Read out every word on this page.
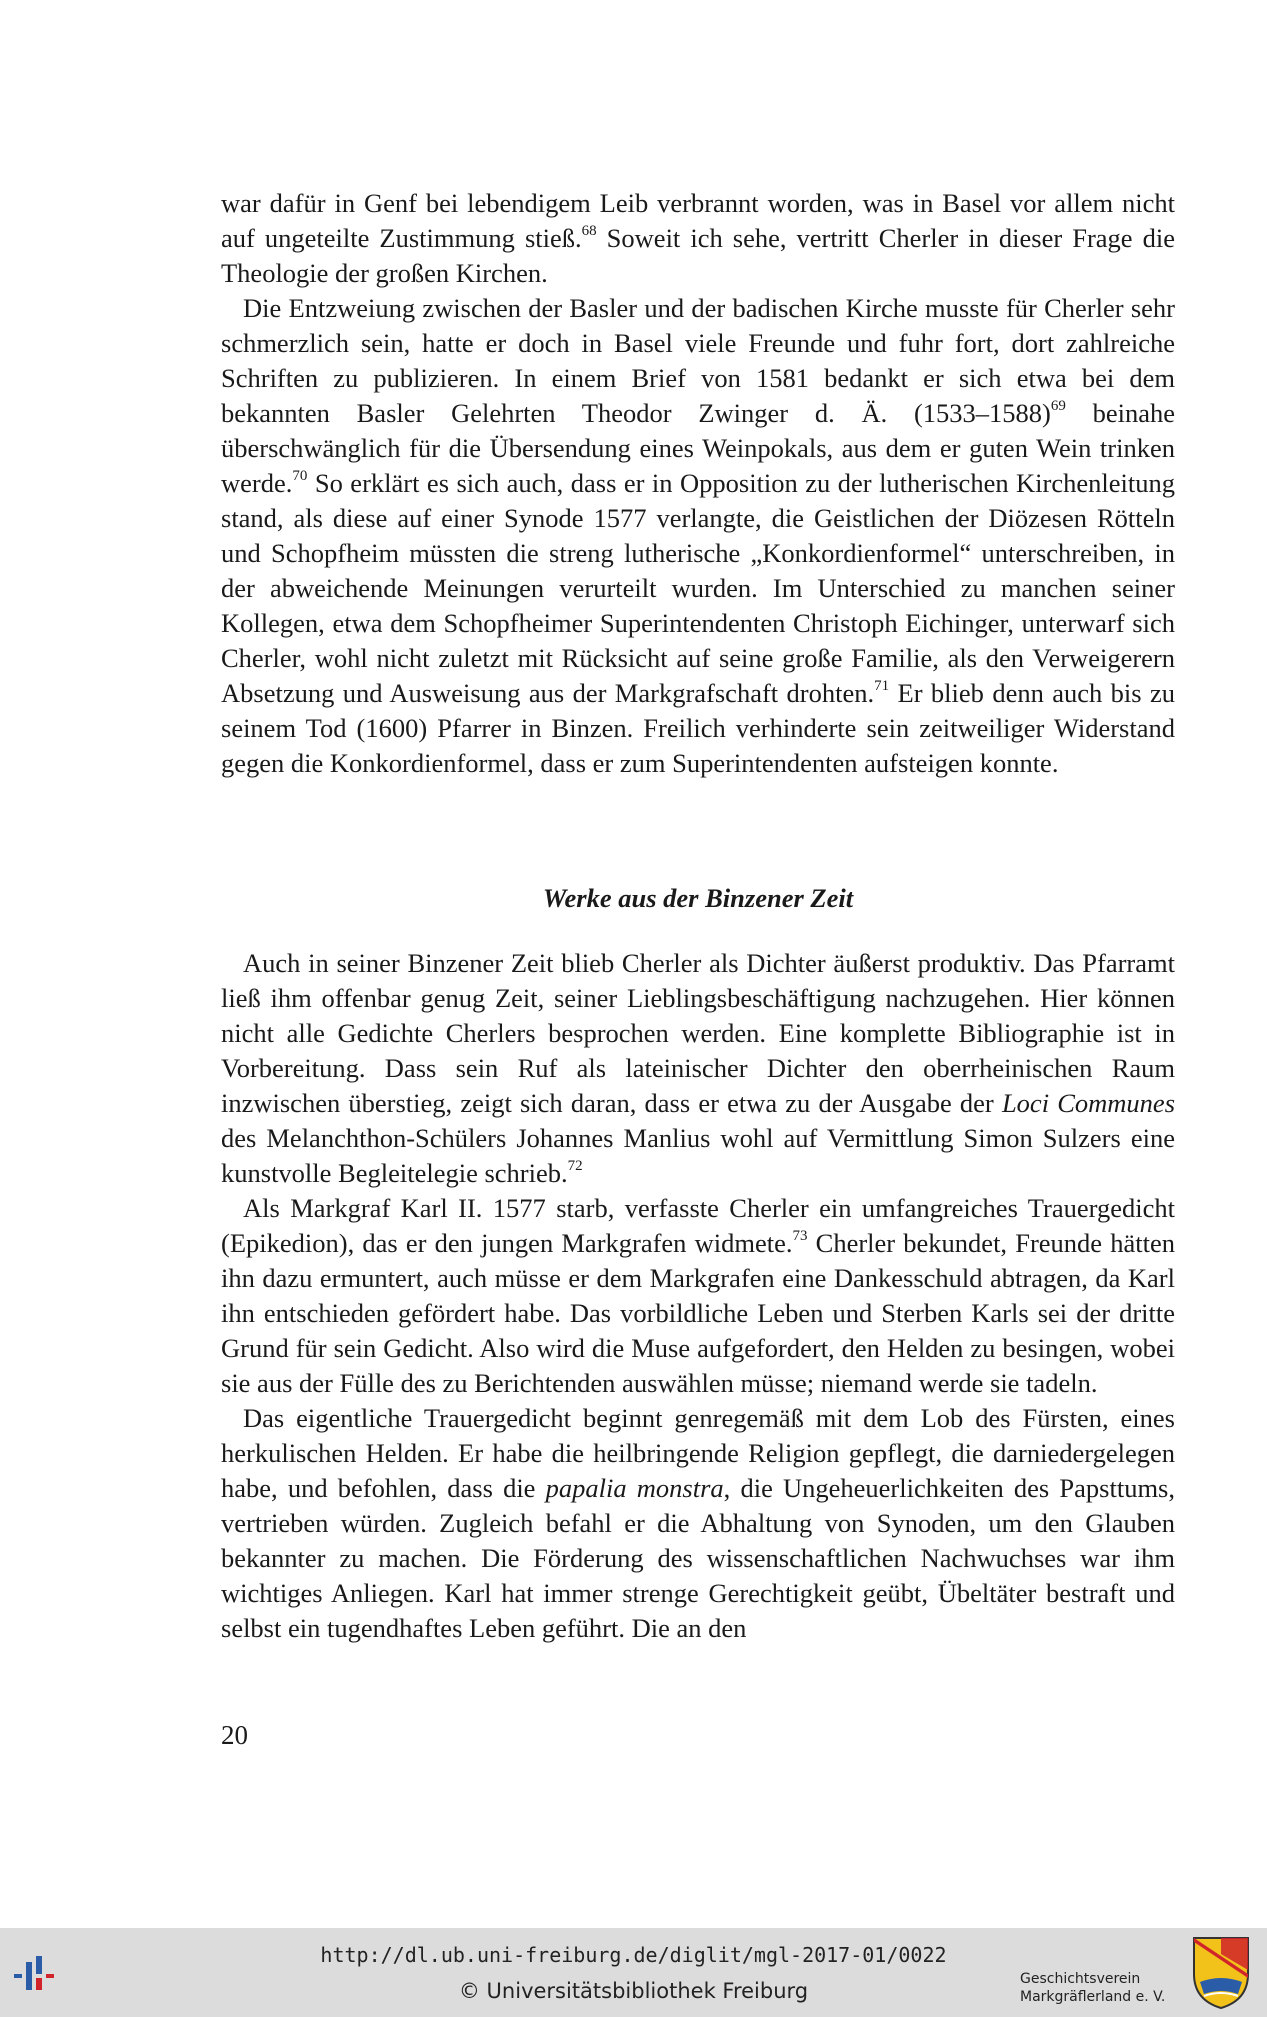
war dafür in Genf bei lebendigem Leib verbrannt worden, was in Basel vor allem nicht auf ungeteilte Zustimmung stieß.$^{68}$ Soweit ich sehe, vertritt Cherler in dieser Frage die Theologie der großen Kirchen.

Die Entzweiung zwischen der Basler und der badischen Kirche musste für Cherler sehr schmerzlich sein, hatte er doch in Basel viele Freunde und fuhr fort, dort zahlreiche Schriften zu publizieren. In einem Brief von 1581 bedankt er sich etwa bei dem bekannten Basler Gelehrten Theodor Zwinger d. Ä. (1533–1588)$^{69}$ beinahe überschwänglich für die Übersendung eines Weinpokals, aus dem er guten Wein trinken werde.$^{70}$ So erklärt es sich auch, dass er in Opposition zu der lutherischen Kirchenleitung stand, als diese auf einer Synode 1577 verlangte, die Geistlichen der Diözesen Rötteln und Schopfheim müssten die streng lutherische „Konkordienformel“ unterschreiben, in der abweichende Meinungen verurteilt wurden. Im Unterschied zu manchen seiner Kollegen, etwa dem Schopfheimer Superintendenten Christoph Eichinger, unterwarf sich Cherler, wohl nicht zuletzt mit Rücksicht auf seine große Familie, als den Verweigerern Absetzung und Ausweisung aus der Markgrafschaft drohten.$^{71}$ Er blieb denn auch bis zu seinem Tod (1600) Pfarrer in Binzen. Freilich verhinderte sein zeitweiliger Widerstand gegen die Konkordienformel, dass er zum Superintendenten aufsteigen konnte.

Werke aus der Binzener Zeit

Auch in seiner Binzener Zeit blieb Cherler als Dichter äußerst produktiv. Das Pfarramt ließ ihm offenbar genug Zeit, seiner Lieblingsbeschäftigung nachzugehen. Hier können nicht alle Gedichte Cherlers besprochen werden. Eine komplette Bibliographie ist in Vorbereitung. Dass sein Ruf als lateinischer Dichter den oberrheinischen Raum inzwischen überstieg, zeigt sich daran, dass er etwa zu der Ausgabe der Loci Communes des Melanchthon-Schülers Johannes Manlius wohl auf Vermittlung Simon Sulzers eine kunstvolle Begleitelegie schrieb.$^{72}$

Als Markgraf Karl II. 1577 starb, verfasste Cherler ein umfangreiches Trauergedicht (Epikedion), das er den jungen Markgrafen widmete.$^{73}$ Cherler bekundet, Freunde hätten ihn dazu ermuntert, auch müsse er dem Markgrafen eine Dankesschuld abtragen, da Karl ihn entschieden gefördert habe. Das vorbildliche Leben und Sterben Karls sei der dritte Grund für sein Gedicht. Also wird die Muse aufgefordert, den Helden zu besingen, wobei sie aus der Fülle des zu Berichtenden auswählen müsse; niemand werde sie tadeln.

Das eigentliche Trauergedicht beginnt genregemäß mit dem Lob des Fürsten, eines herkulischen Helden. Er habe die heilbringende Religion gepflegt, die darniedergelegen habe, und befohlen, dass die papalia monstra, die Ungeheuerlichkeiten des Papsttums, vertrieben würden. Zugleich befahl er die Abhaltung von Synoden, um den Glauben bekannter zu machen. Die Förderung des wissenschaftlichen Nachwuchses war ihm wichtiges Anliegen. Karl hat immer strenge Gerechtigkeit geübt, Übeltäter bestraft und selbst ein tugendhaftes Leben geführt. Die an den

20

http://dl.ub.uni-freiburg.de/diglit/mgl-2017-01/0022
© Universitätsbibliothek Freiburg	Geschichtsverein
Markgräflerland e. V.
